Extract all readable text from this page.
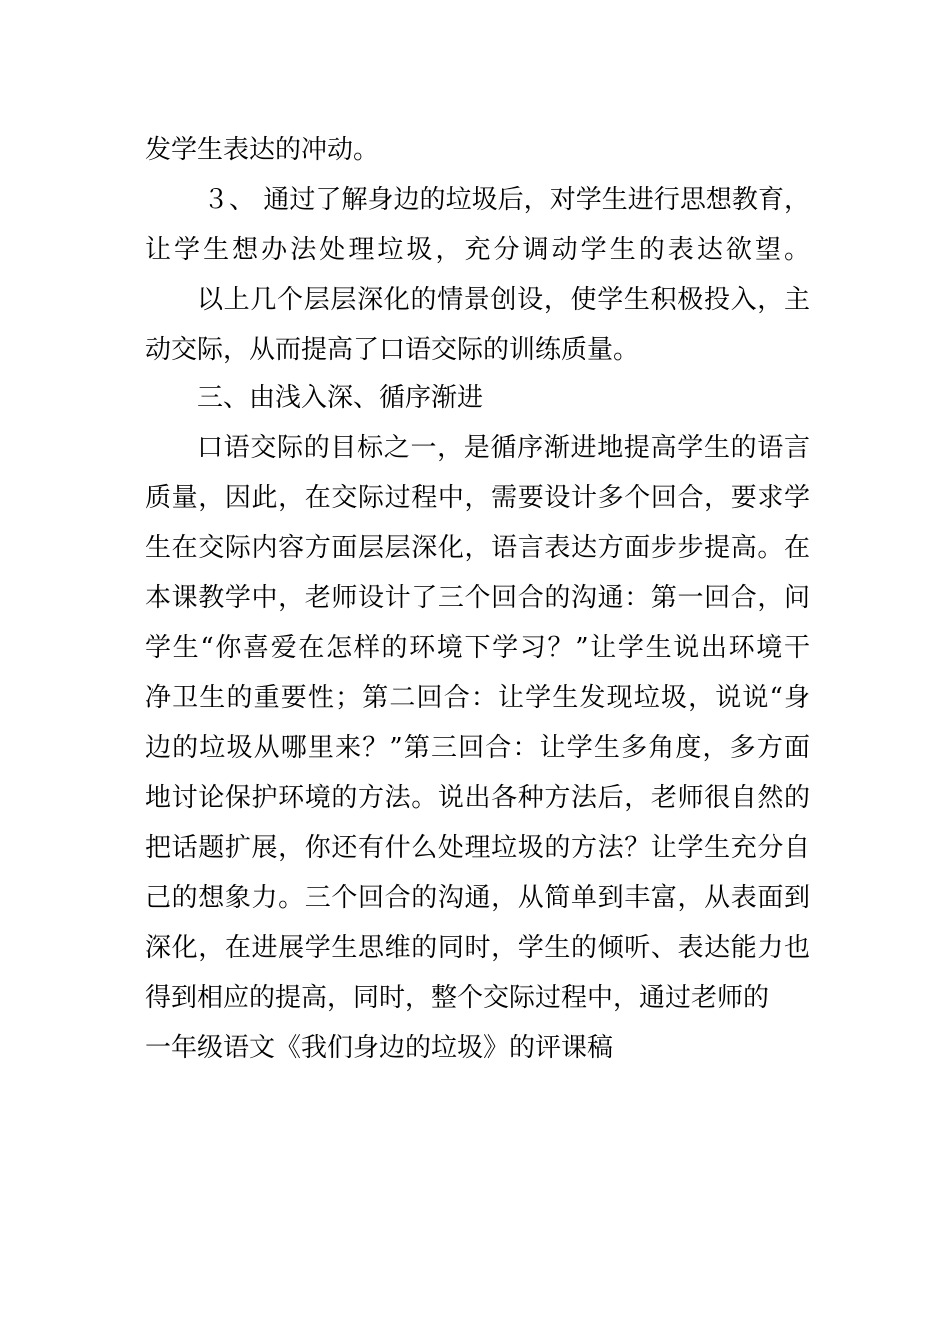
发学生表达的冲动。
３、 通过了解身边的垃圾后，对学生进行思想教育，
让学生想办法处理垃圾，充分调动学生的表达欲望。
以上几个层层深化的情景创设，使学生积极投入，主
动交际，从而提高了口语交际的训练质量。
三、由浅入深、循序渐进
口语交际的目标之一，是循序渐进地提高学生的语言
质量，因此，在交际过程中，需要设计多个回合，要求学
生在交际内容方面层层深化，语言表达方面步步提高。在
本课教学中，老师设计了三个回合的沟通：第一回合，问
学生“你喜爱在怎样的环境下学习？”让学生说出环境干
净卫生的重要性；第二回合：让学生发现垃圾，说说“身
边的垃圾从哪里来？”第三回合：让学生多角度，多方面
地讨论保护环境的方法。说出各种方法后，老师很自然的
把话题扩展，你还有什么处理垃圾的方法？让学生充分自
己的想象力。三个回合的沟通，从简单到丰富，从表面到
深化，在进展学生思维的同时，学生的倾听、表达能力也
得到相应的提高，同时，整个交际过程中，通过老师的
一年级语文《我们身边的垃圾》的评课稿
